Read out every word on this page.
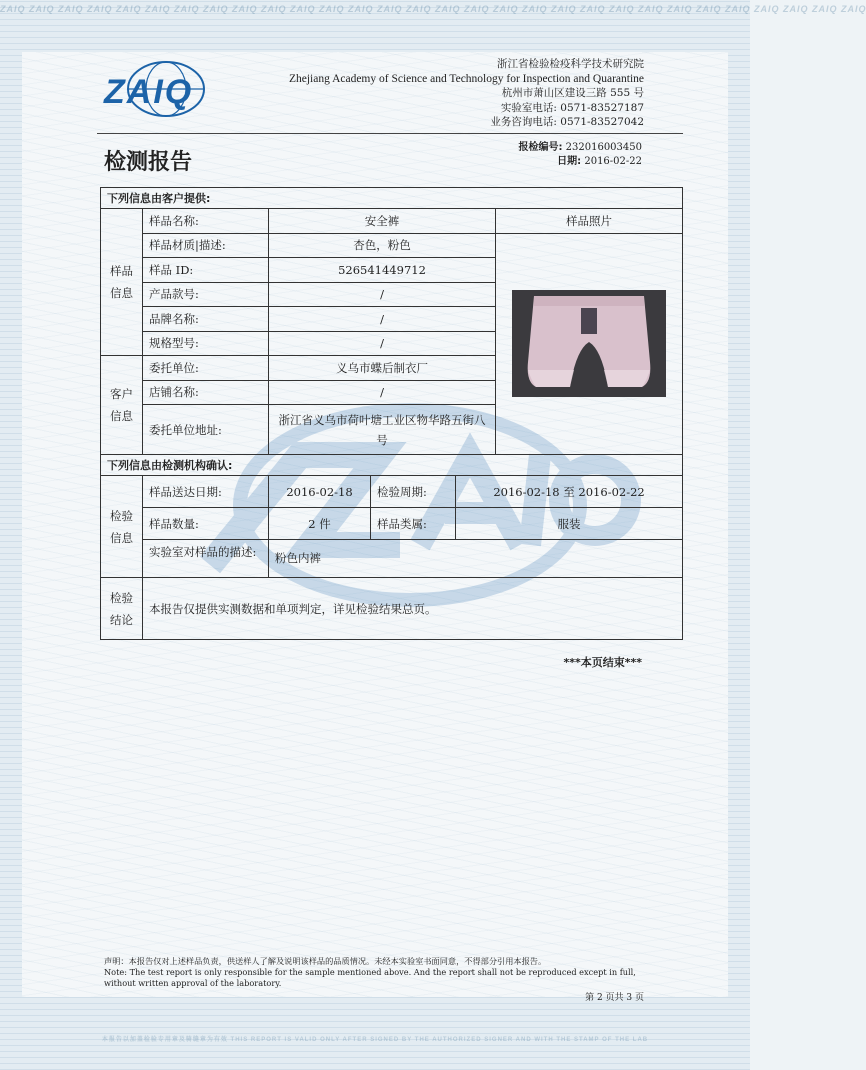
ZAIQ ZAIQ ZAIQ ZAIQ ZAIQ ZAIQ ZAIQ ZAIQ ZAIQ ZAIQ ZAIQ ZAIQ ZAIQ ZAIQ ZAIQ ZAIQ ZAIQ ZAIQ ZAIQ ZAIQ ZAIQ ZAIQ ZAIQ ZAIQ ZAIQ ZAIQ ZAIQ ZAIQ ZAIQ ZAIQ
ZAIQ
浙江省检验检疫科学技术研究院
Zhejiang Academy of Science and Technology for Inspection and Quarantine
杭州市萧山区建设三路 555 号
实验室电话: 0571-83527187
业务咨询电话: 0571-83527042
检测报告
报检编号: 232016003450
日期: 2016-02-22
下列信息由客户提供:					
样品
信息	样品名称:	安全裤			样品照片
	样品材质|描述:	杏色，粉色	

	样品 ID:	526541449712			
	产品款号:	/			
	品牌名称:	/			
	规格型号:	/			
客户
信息	委托单位:	义乌市蝶后制衣厂			
	店铺名称:	/			
	委托单位地址:	浙江省义乌市荷叶塘工业区物华路五街八号			
下列信息由检测机构确认:					
检验
信息	样品送达日期:	2016-02-18	检验周期:	2016-02-18 至 2016-02-22	
	样品数量:	2 件	样品类属:	服装	
	实验室对样品的描述:	粉色内裤			
检验
结论	本报告仅提供实测数据和单项判定，详见检验结果总页。				
***本页结束***
声明：本报告仅对上述样品负责，供送样人了解及说明该样品的品质情况。未经本实验室书面同意，不得部分引用本报告。
Note: The test report is only responsible for the sample mentioned above. And the report shall not be reproduced except in full, without written approval of the laboratory.
第 2 页共 3 页
本报告以加盖检验专用章及骑缝章为有效 THIS REPORT IS VALID ONLY AFTER SIGNED BY THE AUTHORIZED SIGNER AND WITH THE STAMP OF THE LAB
